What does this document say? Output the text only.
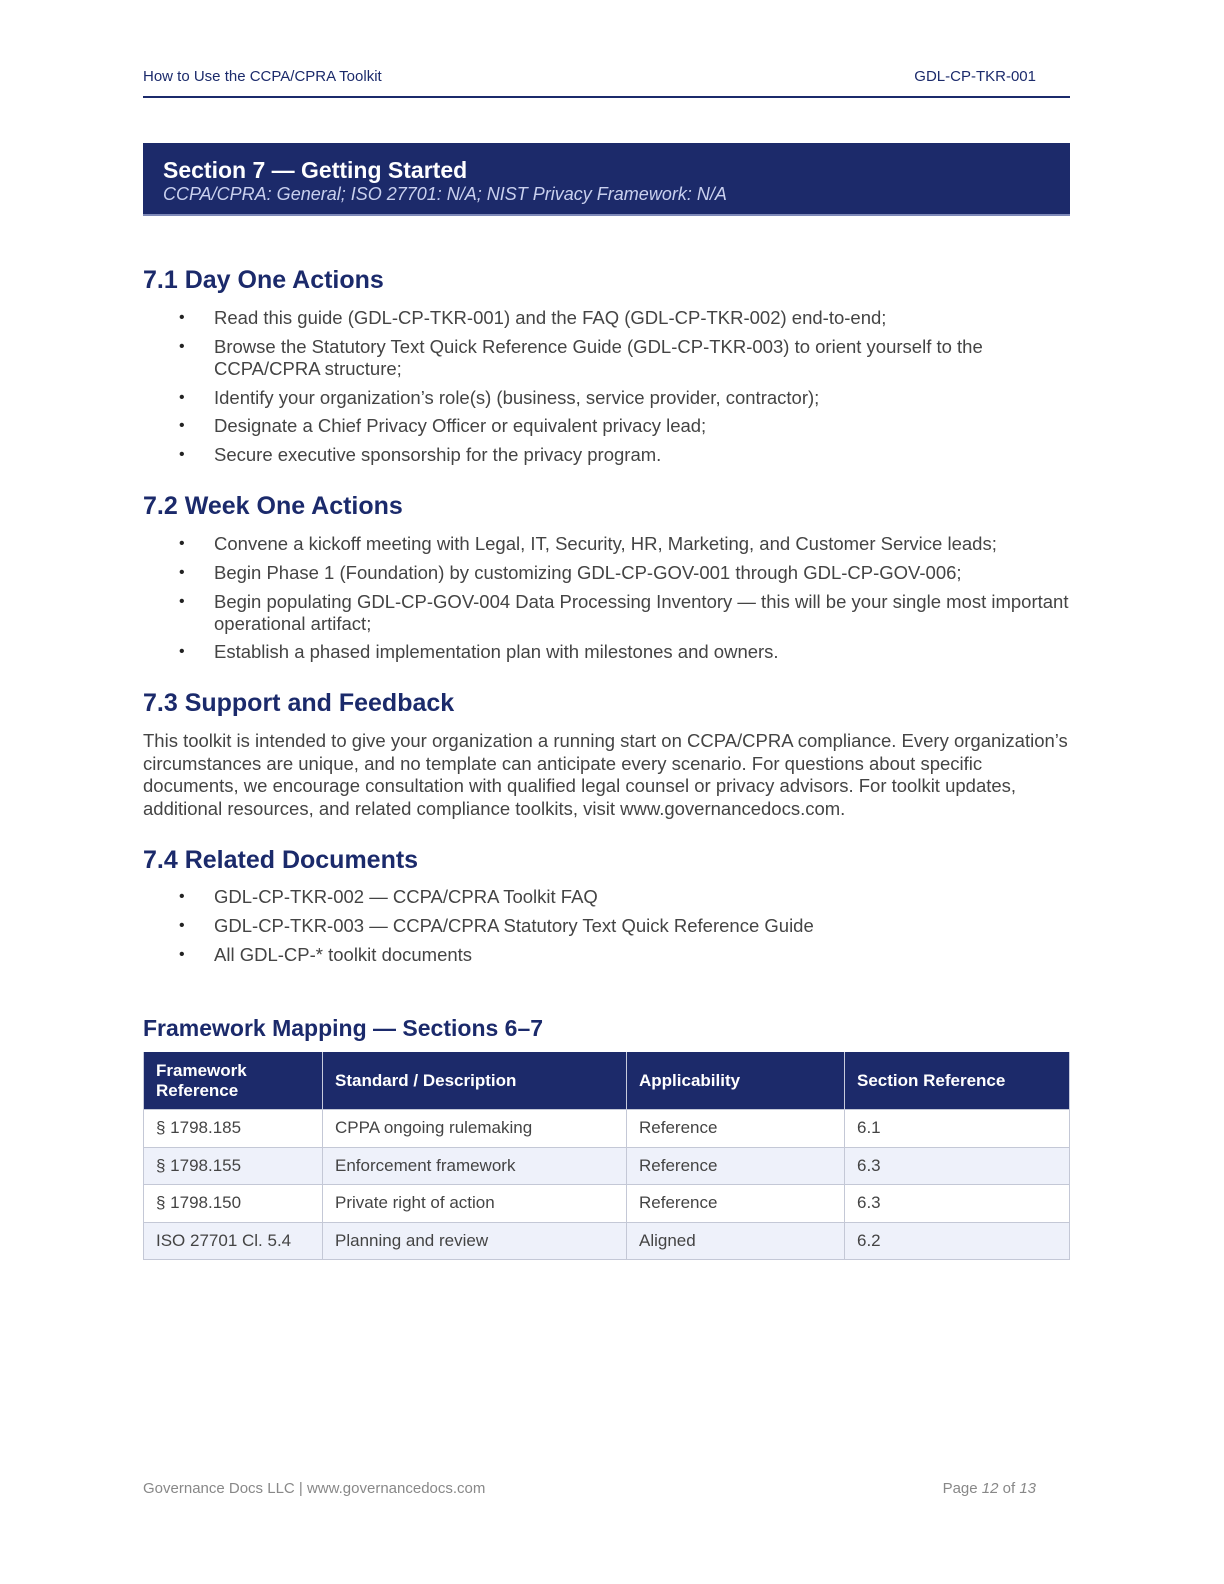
How to Use the CCPA/CPRA Toolkit	GDL-CP-TKR-001
Section 7 — Getting Started
CCPA/CPRA: General; ISO 27701: N/A; NIST Privacy Framework: N/A
7.1 Day One Actions
• Read this guide (GDL-CP-TKR-001) and the FAQ (GDL-CP-TKR-002) end-to-end;
• Browse the Statutory Text Quick Reference Guide (GDL-CP-TKR-003) to orient yourself to the CCPA/CPRA structure;
• Identify your organization’s role(s) (business, service provider, contractor);
• Designate a Chief Privacy Officer or equivalent privacy lead;
• Secure executive sponsorship for the privacy program.
7.2 Week One Actions
• Convene a kickoff meeting with Legal, IT, Security, HR, Marketing, and Customer Service leads;
• Begin Phase 1 (Foundation) by customizing GDL-CP-GOV-001 through GDL-CP-GOV-006;
• Begin populating GDL-CP-GOV-004 Data Processing Inventory — this will be your single most important operational artifact;
• Establish a phased implementation plan with milestones and owners.
7.3 Support and Feedback

This toolkit is intended to give your organization a running start on CCPA/CPRA compliance. Every organization’s circumstances are unique, and no template can anticipate every scenario. For questions about specific documents, we encourage consultation with qualified legal counsel or privacy advisors. For toolkit updates, additional resources, and related compliance toolkits, visit www.governancedocs.com.

7.4 Related Documents
• GDL-CP-TKR-002 — CCPA/CPRA Toolkit FAQ
• GDL-CP-TKR-003 — CCPA/CPRA Statutory Text Quick Reference Guide
• All GDL-CP-* toolkit documents
Framework Mapping — Sections 6–7
Framework Reference	Standard / Description	Applicability	Section Reference
§ 1798.185	CPPA ongoing rulemaking	Reference	6.1
§ 1798.155	Enforcement framework	Reference	6.3
§ 1798.150	Private right of action	Reference	6.3
ISO 27701 Cl. 5.4	Planning and review	Aligned	6.2
Governance Docs LLC | www.governancedocs.com	Page 12 of 13
